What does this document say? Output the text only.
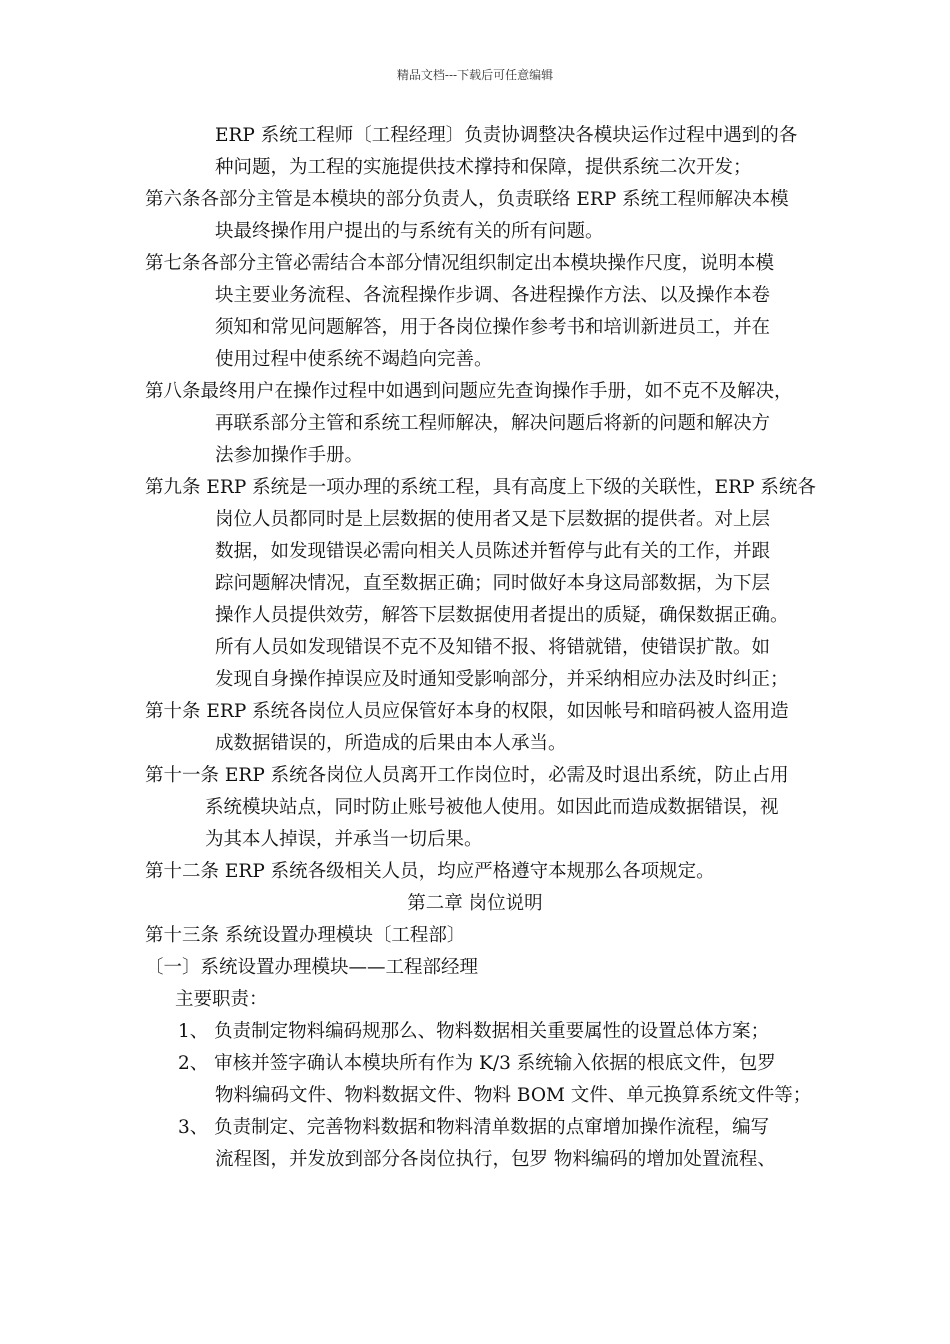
精品文档---下载后可任意编辑
ERP 系统工程师〔工程经理〕负责协调整决各模块运作过程中遇到的各
种问题，为工程的实施提供技术撑持和保障，提供系统二次开发；
第六条各部分主管是本模块的部分负责人，负责联络 ERP 系统工程师解决本模
块最终操作用户提出的与系统有关的所有问题。
第七条各部分主管必需结合本部分情况组织制定出本模块操作尺度，说明本模
块主要业务流程、各流程操作步调、各进程操作方法、以及操作本卷
须知和常见问题解答，用于各岗位操作参考书和培训新进员工，并在
使用过程中使系统不竭趋向完善。
第八条最终用户在操作过程中如遇到问题应先查询操作手册，如不克不及解决，
再联系部分主管和系统工程师解决，解决问题后将新的问题和解决方
法参加操作手册。
第九条 ERP 系统是一项办理的系统工程，具有高度上下级的关联性，ERP 系统各
岗位人员都同时是上层数据的使用者又是下层数据的提供者。对上层
数据，如发现错误必需向相关人员陈述并暂停与此有关的工作，并跟
踪问题解决情况，直至数据正确；同时做好本身这局部数据，为下层
操作人员提供效劳，解答下层数据使用者提出的质疑，确保数据正确。
所有人员如发现错误不克不及知错不报、将错就错，使错误扩散。如
发现自身操作掉误应及时通知受影响部分，并采纳相应办法及时纠正；
第十条 ERP 系统各岗位人员应保管好本身的权限，如因帐号和暗码被人盗用造
成数据错误的，所造成的后果由本人承当。
第十一条 ERP 系统各岗位人员离开工作岗位时，必需及时退出系统，防止占用
系统模块站点，同时防止账号被他人使用。如因此而造成数据错误，视
为其本人掉误，并承当一切后果。
第十二条 ERP 系统各级相关人员，均应严格遵守本规那么各项规定。
第二章 岗位说明
第十三条 系统设置办理模块〔工程部〕
〔一〕系统设置办理模块——工程部经理
主要职责：
1、 负责制定物料编码规那么、物料数据相关重要属性的设置总体方案；
2、 审核并签字确认本模块所有作为 K/3 系统输入依据的根底文件，包罗
物料编码文件、物料数据文件、物料 BOM 文件、单元换算系统文件等；
3、 负责制定、完善物料数据和物料清单数据的点窜增加操作流程，编写
流程图，并发放到部分各岗位执行，包罗 物料编码的增加处置流程、
